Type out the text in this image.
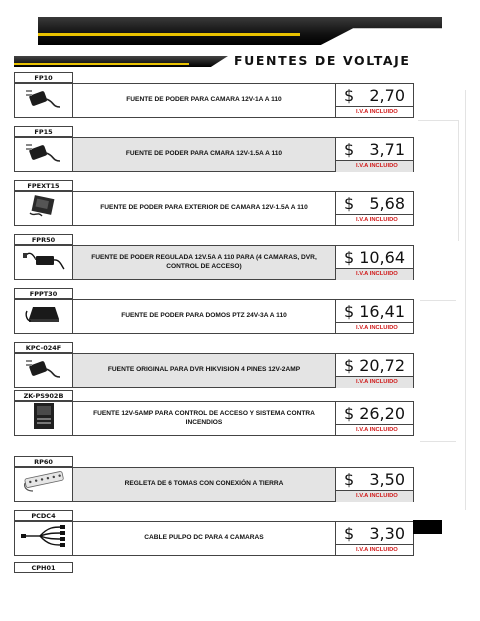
FUENTES DE VOLTAJE
FP10
FUENTE DE PODER PARA CAMARA 12V-1A A 110	$ 2,70
I.V.A INCLUIDO
FP15
FUENTE DE PODER PARA CMARA 12V-1.5A A 110	$ 3,71
I.V.A INCLUIDO
FPEXT15
FUENTE DE PODER PARA EXTERIOR DE CAMARA 12V-1.5A A 110	$ 5,68
I.V.A INCLUIDO
FPR50
FUENTE DE PODER REGULADA 12V.5A A 110 PARA (4 CAMARAS, DVR, CONTROL DE ACCESO)	$ 10,64
I.V.A INCLUIDO
FPPT30
FUENTE DE PODER PARA DOMOS PTZ 24V-3A A 110	$ 16,41
I.V.A INCLUIDO
KPC-024F
FUENTE ORIGINAL PARA DVR HIKVISION 4 PINES 12V-2AMP	$ 20,72
I.V.A INCLUIDO
ZK-PS902B
FUENTE 12V-5AMP PARA CONTROL DE ACCESO Y SISTEMA CONTRA INCENDIOS	$ 26,20
I.V.A INCLUIDO
RP60
REGLETA DE 6 TOMAS CON CONEXIÓN A TIERRA	$ 3,50
I.V.A INCLUIDO
PCDC4
CABLE PULPO DC PARA 4 CAMARAS	$ 3,30
I.V.A INCLUIDO
CPH01
